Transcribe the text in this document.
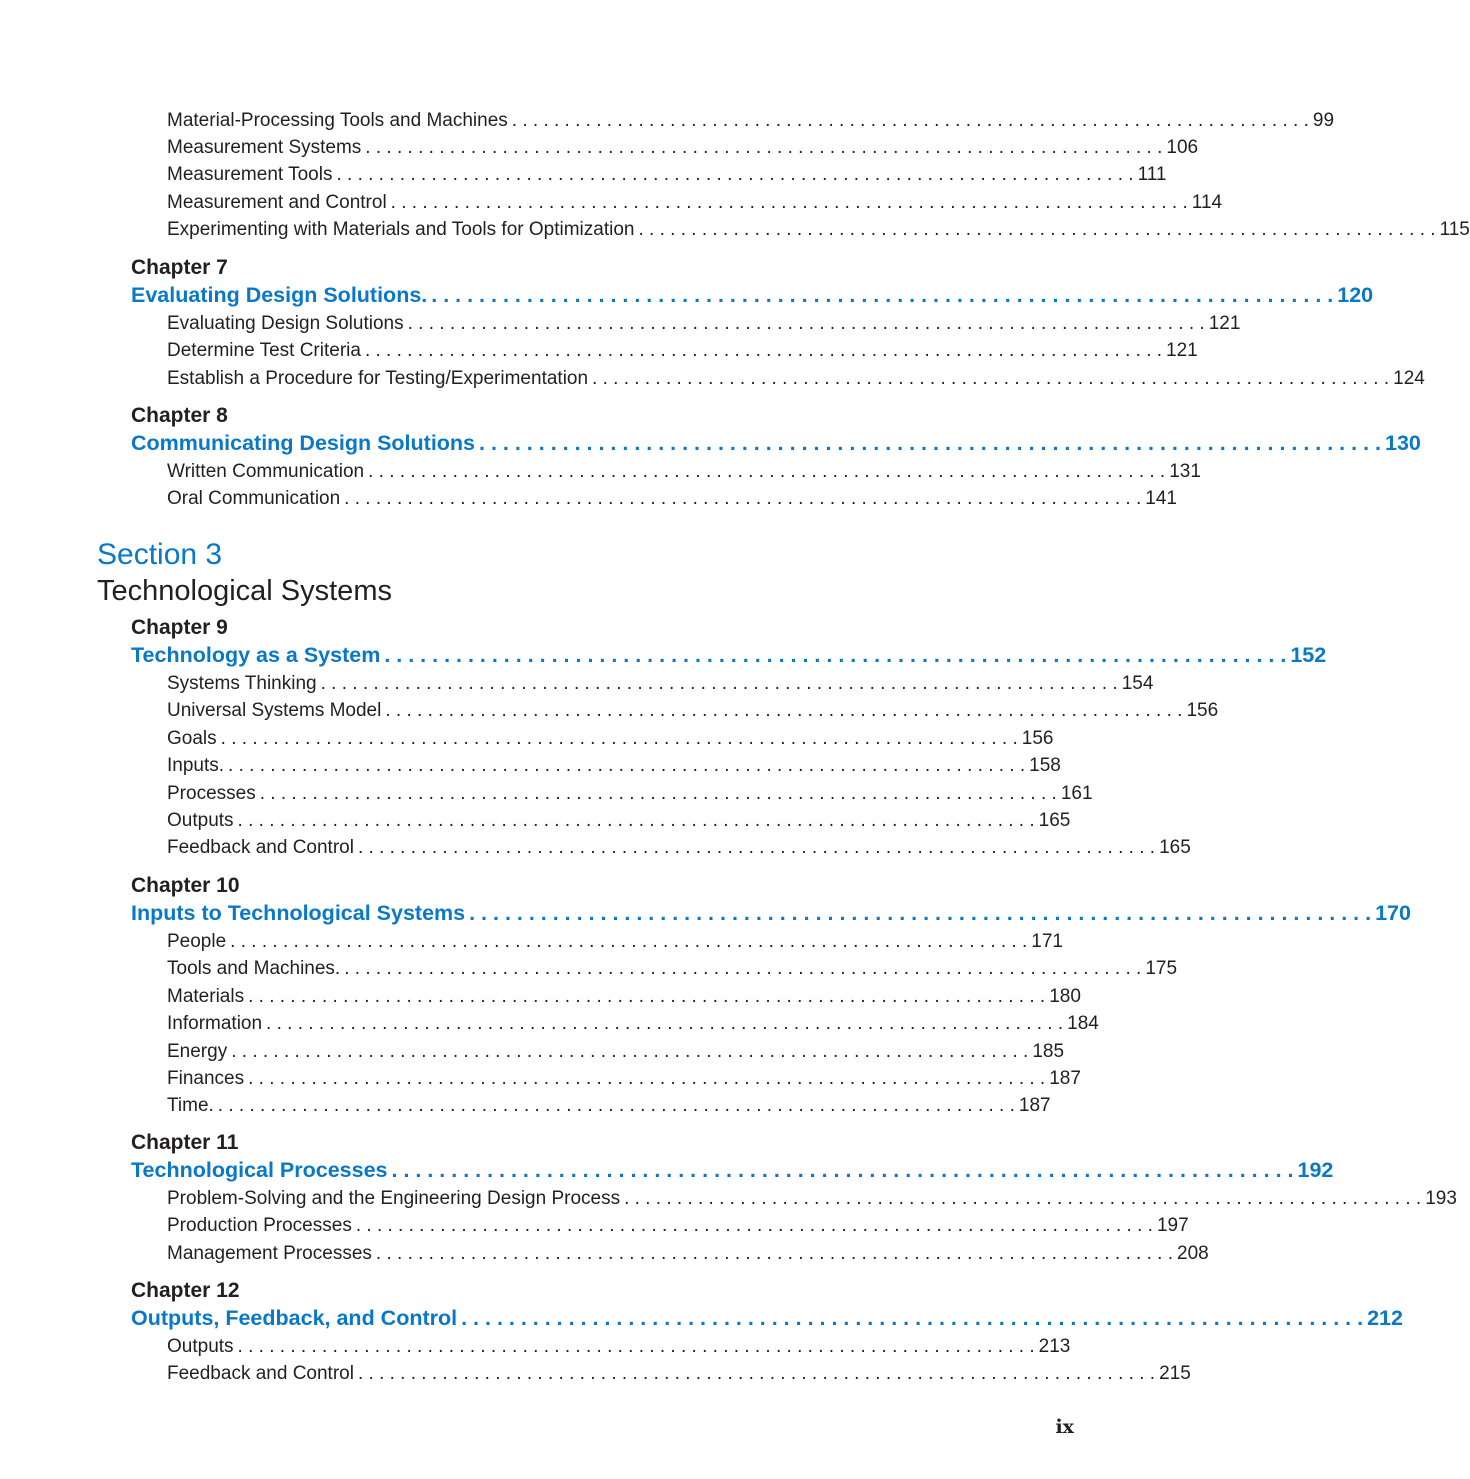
Material-Processing Tools and Machines . . . . . . . . . . . . . . . . . . . . . . . . . . . . . . . . . . . . . . . . . . . . . . . . . . . . . . . . . . . . . . . . . . . . . . . . . . . . 99
Measurement Systems . . . . . . . . . . . . . . . . . . . . . . . . . . . . . . . . . . . . . . . . . . . . . . . . . . . . . . . . . . . . . . . . . . . . . . . . . . . . 106
Measurement Tools . . . . . . . . . . . . . . . . . . . . . . . . . . . . . . . . . . . . . . . . . . . . . . . . . . . . . . . . . . . . . . . . . . . . . . . . . . . . 111
Measurement and Control . . . . . . . . . . . . . . . . . . . . . . . . . . . . . . . . . . . . . . . . . . . . . . . . . . . . . . . . . . . . . . . . . . . . . . . . . . . . 114
Experimenting with Materials and Tools for Optimization . . . . . . . . . . . . . . . . . . . . . . . . . . . . . . . . . . . . . . . . . . . . . . . . . . . . . . . . . . . . . . . . . . . . . . . . . . . . 115
Section 3
Technological Systems
Chapter 7
Evaluating Design Solutions. . . . . . . . . . . . . . . . . . . . . . . . . . . . . . . . . . . . . . . . . . . . . . . . . . . . . . . . . . . . . . . . . . . . . . . . . . . . . 120
Evaluating Design Solutions . . . . . . . . . . . . . . . . . . . . . . . . . . . . . . . . . . . . . . . . . . . . . . . . . . . . . . . . . . . . . . . . . . . . . . . . . . . . 121
Determine Test Criteria . . . . . . . . . . . . . . . . . . . . . . . . . . . . . . . . . . . . . . . . . . . . . . . . . . . . . . . . . . . . . . . . . . . . . . . . . . . . 121
Establish a Procedure for Testing/Experimentation . . . . . . . . . . . . . . . . . . . . . . . . . . . . . . . . . . . . . . . . . . . . . . . . . . . . . . . . . . . . . . . . . . . . . . . . . . . . 124
Chapter 8
Communicating Design Solutions . . . . . . . . . . . . . . . . . . . . . . . . . . . . . . . . . . . . . . . . . . . . . . . . . . . . . . . . . . . . . . . . . . . . . . . . . . . . 130
Written Communication . . . . . . . . . . . . . . . . . . . . . . . . . . . . . . . . . . . . . . . . . . . . . . . . . . . . . . . . . . . . . . . . . . . . . . . . . . . . 131
Oral Communication . . . . . . . . . . . . . . . . . . . . . . . . . . . . . . . . . . . . . . . . . . . . . . . . . . . . . . . . . . . . . . . . . . . . . . . . . . . . 141
Chapter 9
Technology as a System . . . . . . . . . . . . . . . . . . . . . . . . . . . . . . . . . . . . . . . . . . . . . . . . . . . . . . . . . . . . . . . . . . . . . . . . . . . . 152
Systems Thinking . . . . . . . . . . . . . . . . . . . . . . . . . . . . . . . . . . . . . . . . . . . . . . . . . . . . . . . . . . . . . . . . . . . . . . . . . . . . 154
Universal Systems Model . . . . . . . . . . . . . . . . . . . . . . . . . . . . . . . . . . . . . . . . . . . . . . . . . . . . . . . . . . . . . . . . . . . . . . . . . . . . 156
Goals . . . . . . . . . . . . . . . . . . . . . . . . . . . . . . . . . . . . . . . . . . . . . . . . . . . . . . . . . . . . . . . . . . . . . . . . . . . . 156
Inputs. . . . . . . . . . . . . . . . . . . . . . . . . . . . . . . . . . . . . . . . . . . . . . . . . . . . . . . . . . . . . . . . . . . . . . . . . . . . . 158
Processes . . . . . . . . . . . . . . . . . . . . . . . . . . . . . . . . . . . . . . . . . . . . . . . . . . . . . . . . . . . . . . . . . . . . . . . . . . . . 161
Outputs . . . . . . . . . . . . . . . . . . . . . . . . . . . . . . . . . . . . . . . . . . . . . . . . . . . . . . . . . . . . . . . . . . . . . . . . . . . . 165
Feedback and Control . . . . . . . . . . . . . . . . . . . . . . . . . . . . . . . . . . . . . . . . . . . . . . . . . . . . . . . . . . . . . . . . . . . . . . . . . . . . 165
Chapter 10
Inputs to Technological Systems . . . . . . . . . . . . . . . . . . . . . . . . . . . . . . . . . . . . . . . . . . . . . . . . . . . . . . . . . . . . . . . . . . . . . . . . . . . . 170
People . . . . . . . . . . . . . . . . . . . . . . . . . . . . . . . . . . . . . . . . . . . . . . . . . . . . . . . . . . . . . . . . . . . . . . . . . . . . 171
Tools and Machines. . . . . . . . . . . . . . . . . . . . . . . . . . . . . . . . . . . . . . . . . . . . . . . . . . . . . . . . . . . . . . . . . . . . . . . . . . . . . 175
Materials . . . . . . . . . . . . . . . . . . . . . . . . . . . . . . . . . . . . . . . . . . . . . . . . . . . . . . . . . . . . . . . . . . . . . . . . . . . . 180
Information . . . . . . . . . . . . . . . . . . . . . . . . . . . . . . . . . . . . . . . . . . . . . . . . . . . . . . . . . . . . . . . . . . . . . . . . . . . . 184
Energy . . . . . . . . . . . . . . . . . . . . . . . . . . . . . . . . . . . . . . . . . . . . . . . . . . . . . . . . . . . . . . . . . . . . . . . . . . . . 185
Finances . . . . . . . . . . . . . . . . . . . . . . . . . . . . . . . . . . . . . . . . . . . . . . . . . . . . . . . . . . . . . . . . . . . . . . . . . . . . 187
Time. . . . . . . . . . . . . . . . . . . . . . . . . . . . . . . . . . . . . . . . . . . . . . . . . . . . . . . . . . . . . . . . . . . . . . . . . . . . . 187
Chapter 11
Technological Processes . . . . . . . . . . . . . . . . . . . . . . . . . . . . . . . . . . . . . . . . . . . . . . . . . . . . . . . . . . . . . . . . . . . . . . . . . . . . 192
Problem-Solving and the Engineering Design Process . . . . . . . . . . . . . . . . . . . . . . . . . . . . . . . . . . . . . . . . . . . . . . . . . . . . . . . . . . . . . . . . . . . . . . . . . . . . 193
Production Processes . . . . . . . . . . . . . . . . . . . . . . . . . . . . . . . . . . . . . . . . . . . . . . . . . . . . . . . . . . . . . . . . . . . . . . . . . . . . 197
Management Processes . . . . . . . . . . . . . . . . . . . . . . . . . . . . . . . . . . . . . . . . . . . . . . . . . . . . . . . . . . . . . . . . . . . . . . . . . . . . 208
Chapter 12
Outputs, Feedback, and Control . . . . . . . . . . . . . . . . . . . . . . . . . . . . . . . . . . . . . . . . . . . . . . . . . . . . . . . . . . . . . . . . . . . . . . . . . . . . 212
Outputs . . . . . . . . . . . . . . . . . . . . . . . . . . . . . . . . . . . . . . . . . . . . . . . . . . . . . . . . . . . . . . . . . . . . . . . . . . . . 213
Feedback and Control . . . . . . . . . . . . . . . . . . . . . . . . . . . . . . . . . . . . . . . . . . . . . . . . . . . . . . . . . . . . . . . . . . . . . . . . . . . . 215
ix
